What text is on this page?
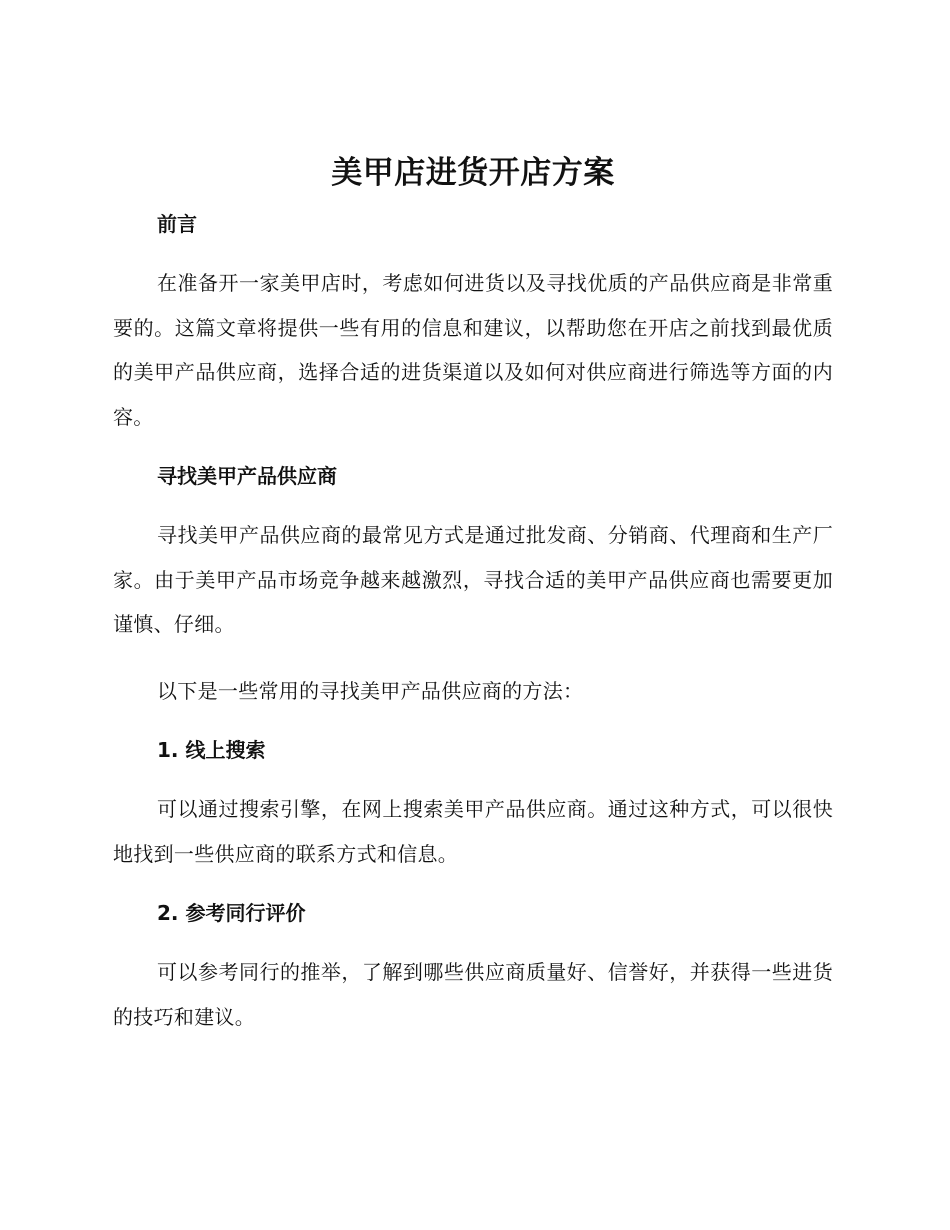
美甲店进货开店方案
前言

在准备开一家美甲店时，考虑如何进货以及寻找优质的产品供应商是非常重要的。这篇文章将提供一些有用的信息和建议，以帮助您在开店之前找到最优质的美甲产品供应商，选择合适的进货渠道以及如何对供应商进行筛选等方面的内容。

寻找美甲产品供应商

寻找美甲产品供应商的最常见方式是通过批发商、分销商、代理商和生产厂家。由于美甲产品市场竞争越来越激烈，寻找合适的美甲产品供应商也需要更加谨慎、仔细。

以下是一些常用的寻找美甲产品供应商的方法：

1. 线上搜索

可以通过搜索引擎，在网上搜索美甲产品供应商。通过这种方式，可以很快地找到一些供应商的联系方式和信息。

2. 参考同行评价

可以参考同行的推举，了解到哪些供应商质量好、信誉好，并获得一些进货的技巧和建议。
